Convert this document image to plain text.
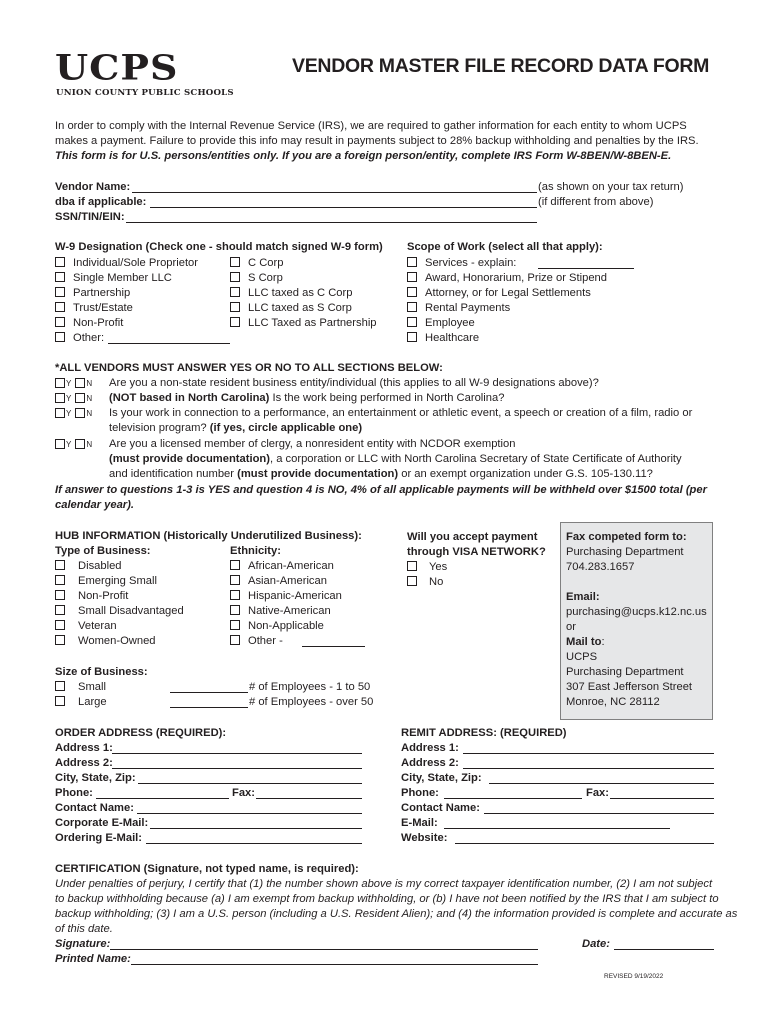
UCPS
UNION COUNTY PUBLIC SCHOOLS
VENDOR MASTER FILE RECORD DATA FORM
In order to comply with the Internal Revenue Service (IRS), we are required to gather information for each entity to whom UCPS
makes a payment. Failure to provide this info may result in payments subject to 28% backup withholding and penalties by the IRS.
This form is for U.S. persons/entities only. If you are a foreign person/entity, complete IRS Form W-8BEN/W-8BEN-E.
Vendor Name:	(as shown on your tax return)
dba if applicable:	(if different from above)
SSN/TIN/EIN:
W-9 Designation (Check one - should match signed W-9 form)
Individual/Sole Proprietor
Single Member LLC
Partnership
Trust/Estate
Non-Profit
Other:
C Corp
S Corp
LLC taxed as C Corp
LLC taxed as S Corp
LLC Taxed as Partnership
Scope of Work (select all that apply):
Services - explain:
Award, Honorarium, Prize or Stipend
Attorney, or for Legal Settlements
Rental Payments
Employee
Healthcare
*ALL VENDORS MUST ANSWER YES OR NO TO ALL SECTIONS BELOW:
Y N	Are you a non-state resident business entity/individual (this applies to all W-9 designations above)?
Y N	(NOT based in North Carolina) Is the work being performed in North Carolina?
Y N	Is your work in connection to a performance, an entertainment or athletic event, a speech or creation of a film, radio or
television program? (if yes, circle applicable one)
Y N	Are you a licensed member of clergy, a nonresident entity with NCDOR exemption
(must provide documentation), a corporation or LLC with North Carolina Secretary of State Certificate of Authority
and identification number (must provide documentation) or an exempt organization under G.S. 105-130.11?
If answer to questions 1-3 is YES and question 4 is NO, 4% of all applicable payments will be withheld over $1500 total (per
calendar year).
HUB INFORMATION (Historically Underutilized Business):
Type of Business:
Disabled
Emerging Small
Non-Profit
Small Disadvantaged
Veteran
Women-Owned
Ethnicity:
African-American
Asian-American
Hispanic-American
Native-American
Non-Applicable
Other -
Size of Business:
Small	# of Employees - 1 to 50
Large	# of Employees - over 50
Will you accept payment
through VISA NETWORK?
Yes
No
Fax competed form to:
Purchasing Department
704.283.1657
Email:
purchasing@ucps.k12.nc.us
or
Mail to:
UCPS
Purchasing Department
307 East Jefferson Street
Monroe, NC 28112
ORDER ADDRESS (REQUIRED):
Address 1:
Address 2:
City, State, Zip:
Phone:	Fax:
Contact Name:
Corporate E-Mail:
Ordering E-Mail:
REMIT ADDRESS: (REQUIRED)
Address 1:
Address 2:
City, State, Zip:
Phone:	Fax:
Contact Name:
E-Mail:
Website:
CERTIFICATION (Signature, not typed name, is required):
Under penalties of perjury, I certify that (1) the number shown above is my correct taxpayer identification number, (2) I am not subject
to backup withholding because (a) I am exempt from backup withholding, or (b) I have not been notified by the IRS that I am subject to
backup withholding; (3) I am a U.S. person (including a U.S. Resident Alien); and (4) the information provided is complete and accurate as
of this date.
Signature:	Date:
Printed Name:
REVISED 9/19/2022
